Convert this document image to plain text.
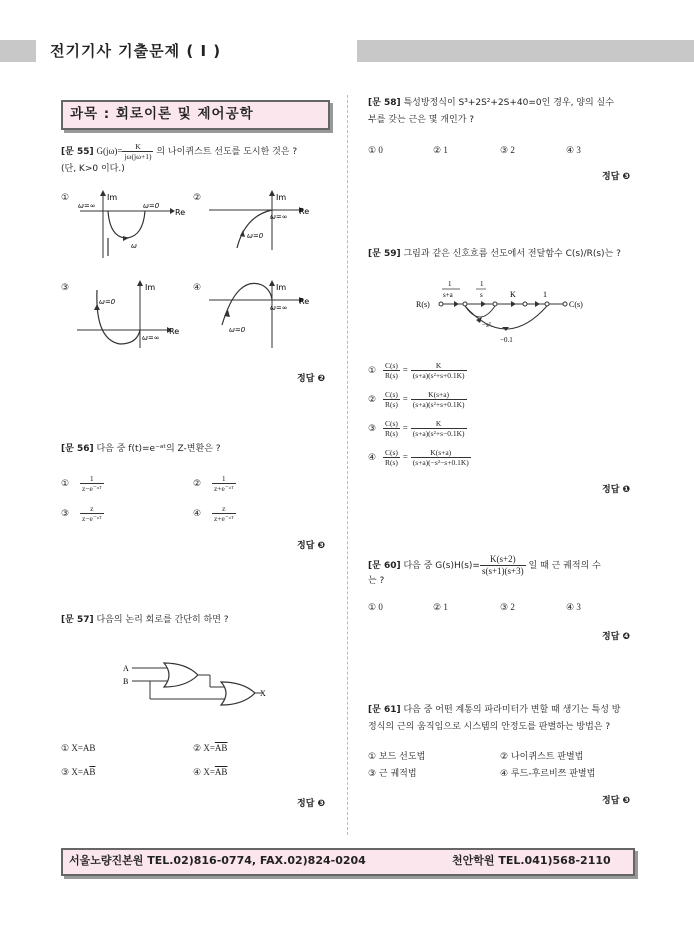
전기기사 기출문제 ( Ⅰ )
과목 : 회로이론 및 제어공학
[문 55] $G(j\omega)= \frac{K}{j\omega(j\omega+1)}$ 의 나이퀴스트 선도를 도시한 것은 ?
(단, K>0 이다.)
①	②
③	④
Im
Re
ω=∞	ω=0
ω
Im
Re
ω=∞
ω=0
Im
Re
ω=0
ω=∞
Im
Re
ω=∞
ω=0
정답 ❷
[문 56] 다음 중 f(t)=e⁻ᵃᵗ의 Z-변환은 ?
① $\frac{1}{\text{z−e⁻ᵃᵀ}}$	② $\frac{1}{\text{z+e⁻ᵃᵀ}}$
③ $\frac{z}{\text{z−e⁻ᵃᵀ}}$	④ $\frac{z}{\text{z+e⁻ᵃᵀ}}$
정답 ❸
[문 57] 다음의 논리 회로를 간단히 하면 ?
A
B
X
① X=AB	② $X=\overline{AB}$
③ $X=A\overline{B}$	④ $X=\overline{AB}$
정답 ❸
[문 58] 특성방정식이 S³+2S²+2S+40=0인 경우, 양의 실수
부를 갖는 근은 몇 개인가 ?
① 0	② 1	③ 2	④ 3
정답 ❸
[문 59] 그림과 같은 신호흐름 선도에서 전달함수 C(s)/R(s)는 ?
R(s)	C(s)
1
s+a
1
s	K	1
−s²
−0.1
① $\frac{C(s)}{R(s)} = \frac{K}{\text{(s+a)(s²+s+0.1K)}}$
② $\frac{C(s)}{R(s)} = \frac{K(s+a)}{\text{(s+a)(s²+s+0.1K)}}$
③ $\frac{C(s)}{R(s)} = \frac{K}{\text{(s+a)(s²+s−0.1K)}}$
④ $\frac{C(s)}{R(s)} = \frac{K(s+a)}{\text{(s+a)(−s²−s+0.1K)}}$
정답 ❶
[문 60] 다음 중 $G(s)H(s)= \frac{K(s+2)}{s(s+1)(s+3)}$ 일 때 근 궤적의 수
는 ?
① 0	② 1	③ 2	④ 3
정답 ❹
[문 61] 다음 중 어떤 계통의 파라미터가 변할 때 생기는 특성 방
정식의 근의 움직임으로 시스템의 안정도를 판별하는 방법은 ?
① 보드 선도법	② 나이퀴스트 판별법
③ 근 궤적법	④ 루드-후르비쯔 판별법
정답 ❸
서울노량진본원 TEL.02)816-0774, FAX.02)824-0204	천안학원 TEL.041)568-2110
